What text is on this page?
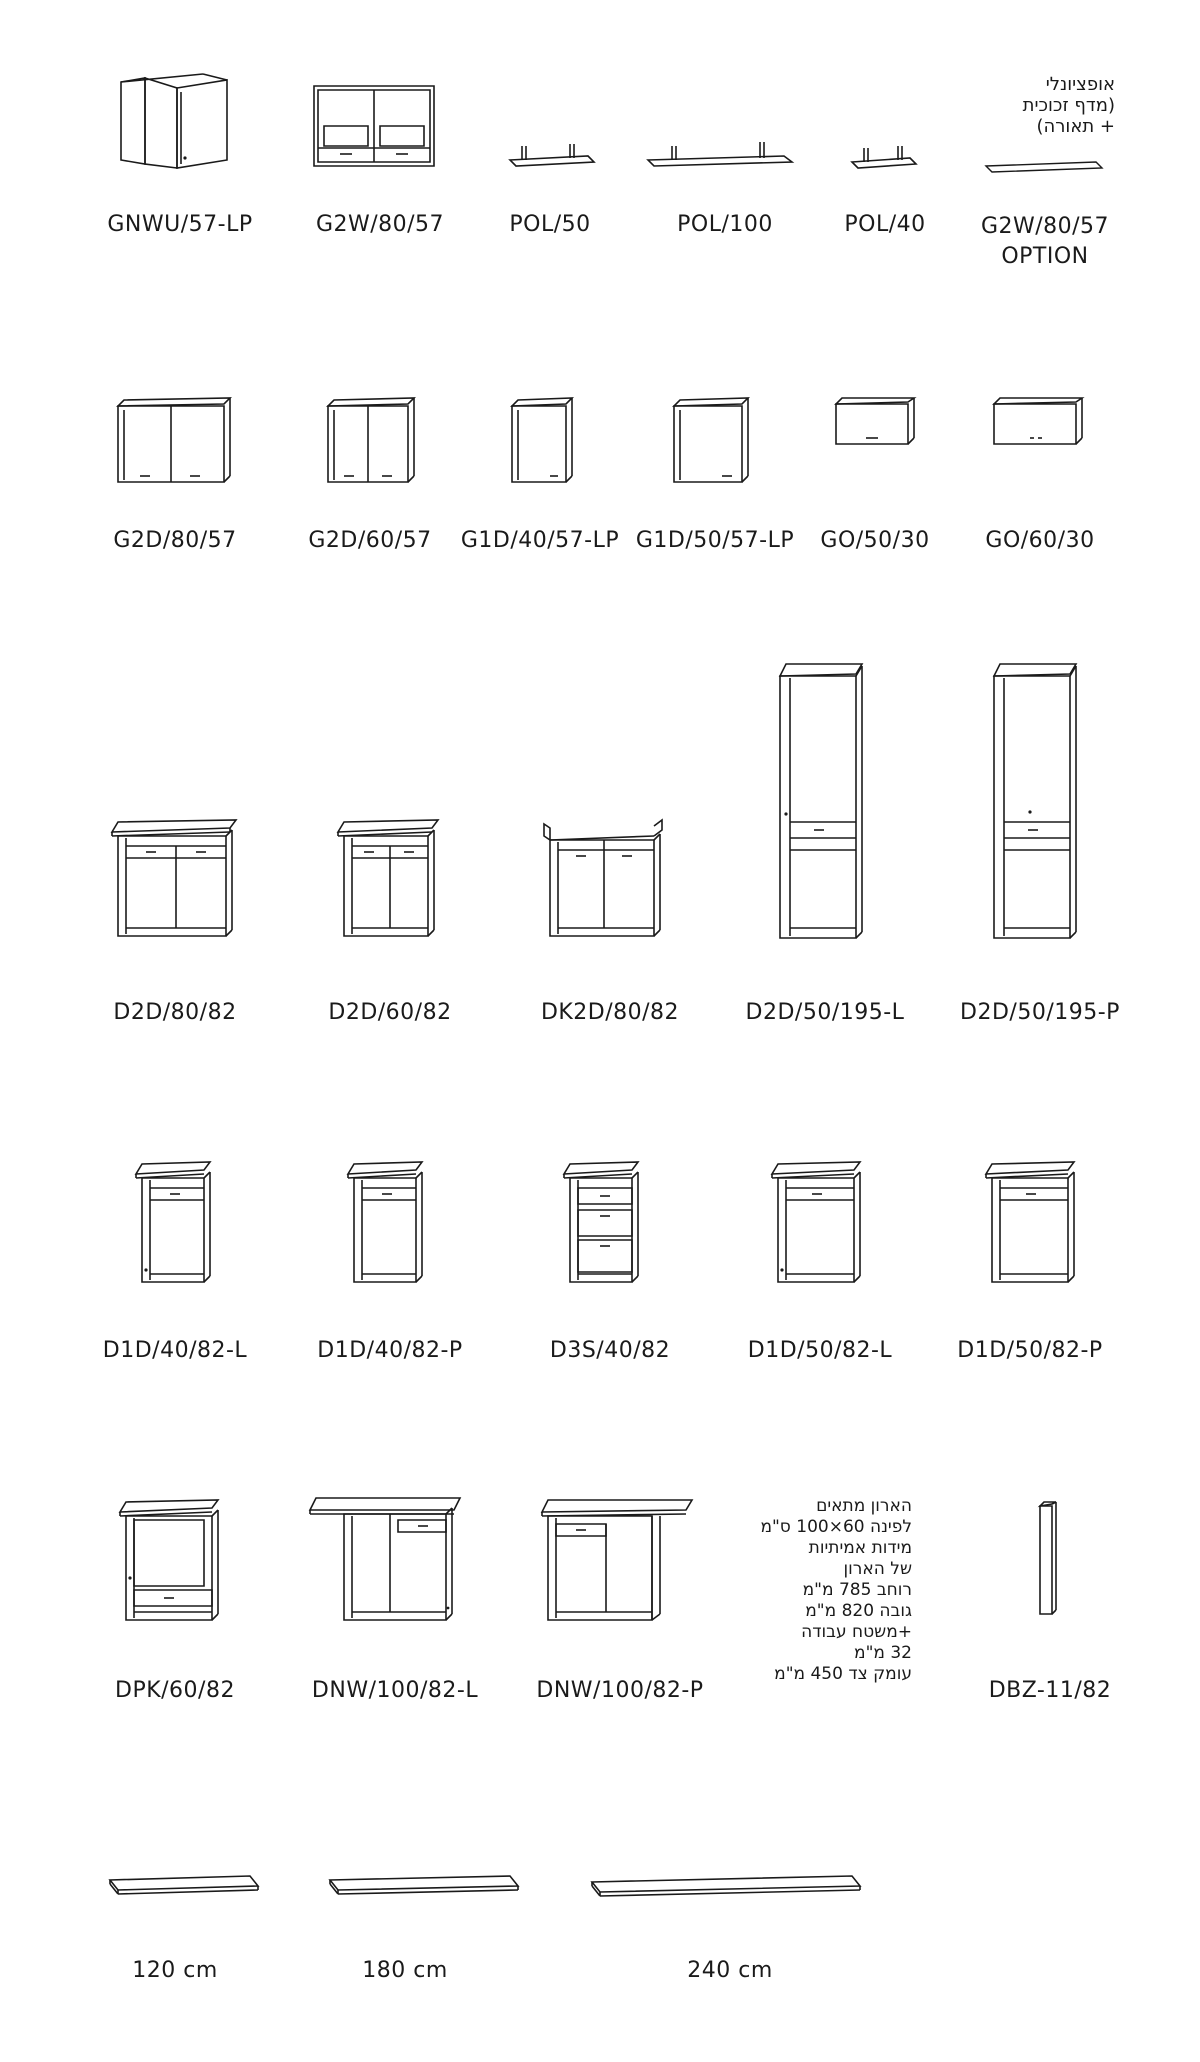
GNWU/57-LP	G2W/80/57	POL/50	POL/100	POL/40
אופציונלי
(מדף זכוכית
+ תאורה)
G2W/80/57
OPTION
G2D/80/57	G2D/60/57	G1D/40/57-LP G1D/50/57-LP	GO/50/30	GO/60/30
D2D/80/82	D2D/60/82	DK2D/80/82	D2D/50/195-L	D2D/50/195-P
D1D/40/82-L	D1D/40/82-P	D3S/40/82	D1D/50/82-L	D1D/50/82-P
DPK/60/82	DNW/100/82-L	DNW/100/82-P
הארון מתאים
לפינה 60×100 ס"מ
מידות אמיתיות
של הארון
רוחב 785 מ"מ
גובה 820 מ"מ
+משטח עבודה
32 מ"מ
עומק צד 450 מ"מ
DBZ-11/82
120 cm	180 cm	240 cm
